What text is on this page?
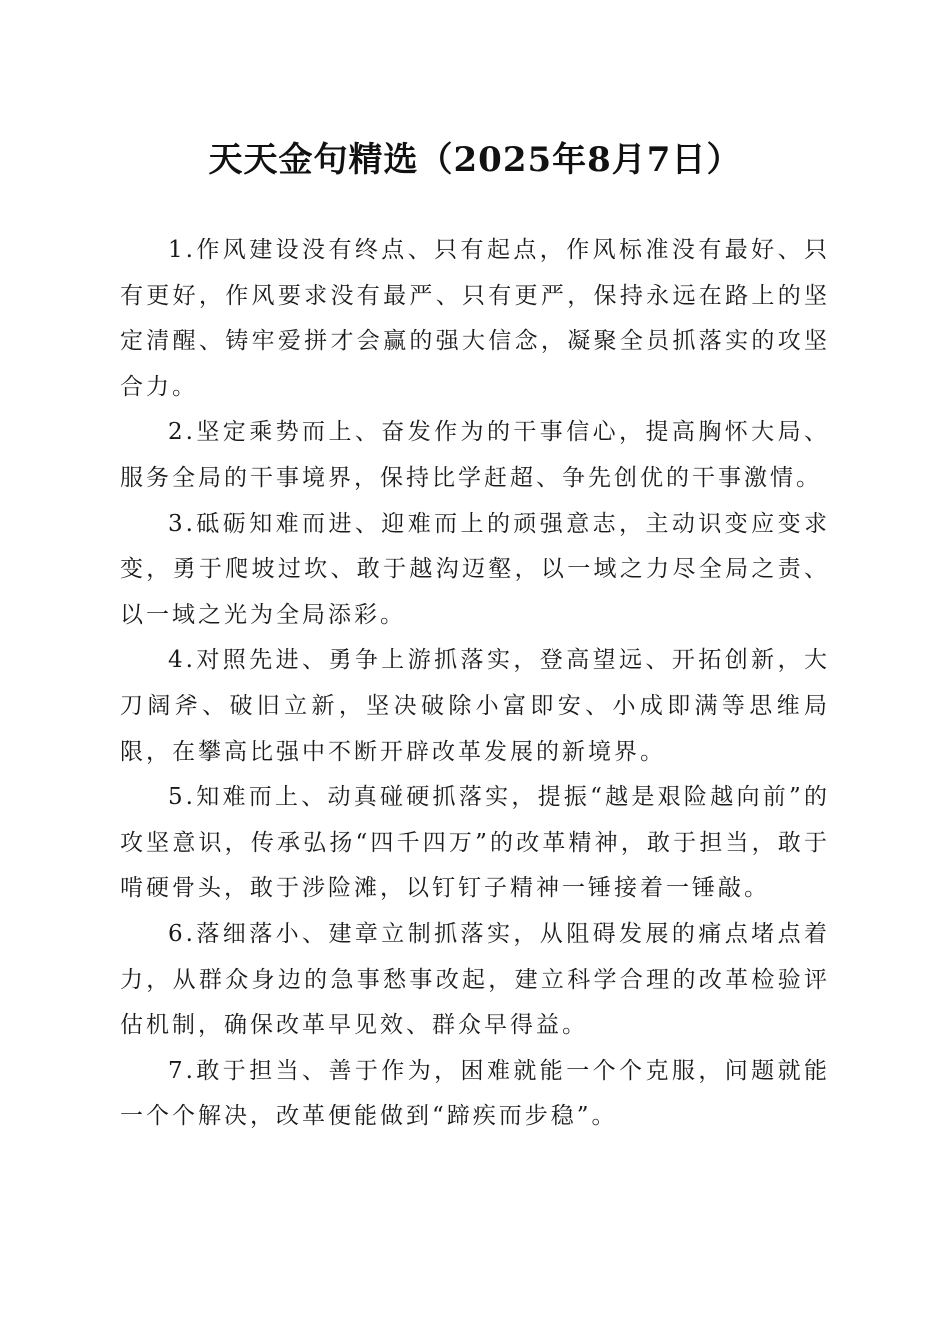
天天金句精选（2025年8月7日）

1.作风建设没有终点、只有起点，作风标准没有最好、只有更好，作风要求没有最严、只有更严，保持永远在路上的坚定清醒、铸牢爱拼才会赢的强大信念，凝聚全员抓落实的攻坚合力。

2.坚定乘势而上、奋发作为的干事信心，提高胸怀大局、服务全局的干事境界，保持比学赶超、争先创优的干事激情。

3.砥砺知难而进、迎难而上的顽强意志，主动识变应变求变，勇于爬坡过坎、敢于越沟迈壑，以一域之力尽全局之责、以一域之光为全局添彩。

4.对照先进、勇争上游抓落实，登高望远、开拓创新，大刀阔斧、破旧立新，坚决破除小富即安、小成即满等思维局限，在攀高比强中不断开辟改革发展的新境界。

5.知难而上、动真碰硬抓落实，提振“越是艰险越向前”的攻坚意识，传承弘扬“四千四万”的改革精神，敢于担当，敢于啃硬骨头，敢于涉险滩，以钉钉子精神一锤接着一锤敲。

6.落细落小、建章立制抓落实，从阻碍发展的痛点堵点着力，从群众身边的急事愁事改起，建立科学合理的改革检验评估机制，确保改革早见效、群众早得益。

7.敢于担当、善于作为，困难就能一个个克服，问题就能一个个解决，改革便能做到“蹄疾而步稳”。
